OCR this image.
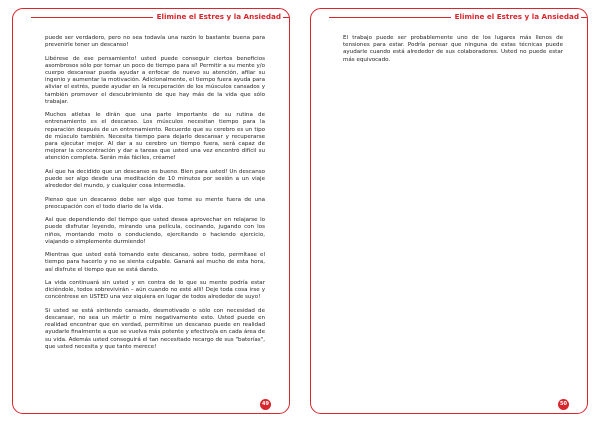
Elimine el Estres y la Ansiedad

puede ser verdadero, pero no sea todavía una razón lo bastante buena para prevenirle tener un descanso!

Libérese de ese pensamiento! usted puede conseguir ciertos beneficios asombrosos sólo por tomar un poco de tiempo para sí! Permitir a su mente y/o cuerpo descansar pueda ayudar a enfocar de nuevo su atención, afilar su ingenio y aumentar la motivación. Adicionalmente, el tiempo fuera ayuda para aliviar el estrés, puede ayudar en la recuperación de los músculos cansados y también promover el descubrimiento de que hay más de la vida que sólo trabajar.

Muchos atletas le dirán que una parte importante de su rutina de entrenamiento es el descanso. Los músculos necesitan tiempo para la reparación después de un entrenamiento. Recuerde que su cerebro es un tipo de músculo también. Necesita tiempo para dejarlo descansar y recuperarse para ejecutar mejor. Al dar a su cerebro un tiempo fuera, será capaz de mejorar la concentración y dar a tareas que usted una vez encontró difícil su atención completa. Serán más fáciles, créame!

Así que ha decidido que un descanso es bueno. Bien para usted! Un descanso puede ser algo desde una meditación de 10 minutos por sesión a un viaje alrededor del mundo, y cualquier cosa intermedia.

Pienso que un descanso debe ser algo que tome su mente fuera de una preocupación con el todo diario de la vida.

Así que dependiendo del tiempo que usted desea aprovechar en relajarse lo puede disfrutar leyendo, mirando una película, cocinando, jugando con los niños, montando moto o conduciendo, ejercitando o haciendo ejercicio, viajando o simplemente durmiendo!

Mientras que usted está tomando este descanso, sobre todo, permítase el tiempo para hacerlo y no se sienta culpable. Ganará así mucho de esta hora, así disfrute el tiempo que se está dando.

La vida continuará sin usted y en contra de lo que su mente podría estar diciéndole, todos sobrevivirán – aún cuando no esté allí! Deje toda cosa irse y concéntrese en USTED una vez siquiera en lugar de todos alrededor de suyo!

Si usted se está sintiendo cansado, desmotivado o sólo con necesidad de descansar, no sea un mártir o mire negativamente esto. Usted puede en realidad encontrar que en verdad, permitirse un descanso puede en realidad ayudarle finalmente a que se vuelva más potente y efectivo/a en cada área de su vida. Además usted conseguirá el tan necesitado recargo de sus "baterías", que usted necesita y que tanto merece!

49
Elimine el Estres y la Ansiedad

El trabajo puede ser probablemente uno de los lugares más llenos de tensiones para estar. Podría pensar que ninguna de estas técnicas puede ayudarle cuando está alrededor de sus colaboradores. Usted no puede estar más equivocado.

50
